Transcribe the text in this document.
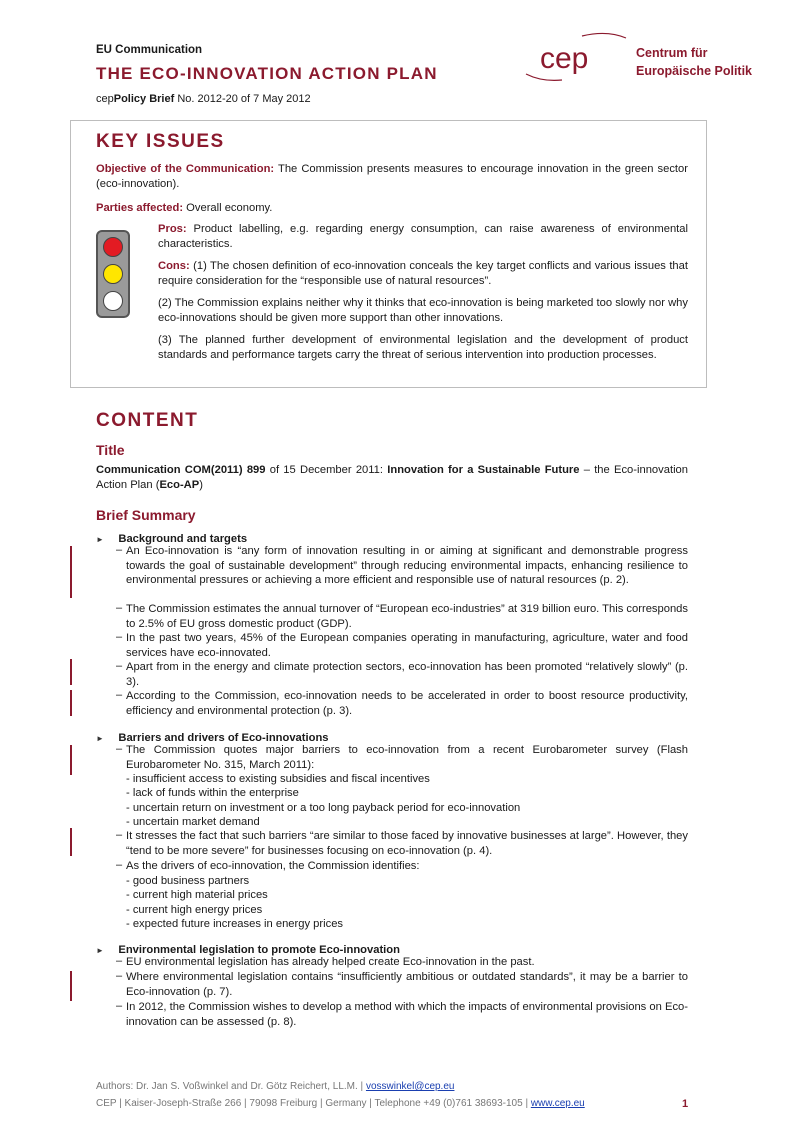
EU Communication
THE ECO-INNOVATION ACTION PLAN
cepPolicy Brief No. 2012-20 of 7 May 2012
cep	Centrum für
Europäische Politik
KEY ISSUES
Objective of the Communication: The Commission presents measures to encourage innovation in the green sector (eco-innovation).
Parties affected: Overall economy.
Pros: Product labelling, e.g. regarding energy consumption, can raise awareness of environmental characteristics.
Cons: (1) The chosen definition of eco-innovation conceals the key target conflicts and various issues that require consideration for the “responsible use of natural resources”.
(2) The Commission explains neither why it thinks that eco-innovation is being marketed too slowly nor why eco-innovations should be given more support than other innovations.
(3) The planned further development of environmental legislation and the development of product standards and performance targets carry the threat of serious intervention into production processes.
CONTENT
Title
Communication COM(2011) 899 of 15 December 2011: Innovation for a Sustainable Future – the Eco-innovation Action Plan (Eco-AP)
Brief Summary
► Background and targets
– An Eco-innovation is “any form of innovation resulting in or aiming at significant and demonstrable progress towards the goal of sustainable development” through reducing environmental impacts, enhancing resilience to environmental pressures or achieving a more efficient and responsible use of natural resources (p. 2).
– The Commission estimates the annual turnover of “European eco-industries” at 319 billion euro. This corresponds to 2.5% of EU gross domestic product (GDP).
– In the past two years, 45% of the European companies operating in manufacturing, agriculture, water and food services have eco-innovated.
– Apart from in the energy and climate protection sectors, eco-innovation has been promoted “relatively slowly” (p. 3).
– According to the Commission, eco-innovation needs to be accelerated in order to boost resource productivity, efficiency and environmental protection (p. 3).
► Barriers and drivers of Eco-innovations
– The Commission quotes major barriers to eco-innovation from a recent Eurobarometer survey (Flash Eurobarometer No. 315, March 2011):
- insufficient access to existing subsidies and fiscal incentives
- lack of funds within the enterprise
- uncertain return on investment or a too long payback period for eco-innovation
- uncertain market demand
– It stresses the fact that such barriers “are similar to those faced by innovative businesses at large”. However, they “tend to be more severe” for businesses focusing on eco-innovation (p. 4).
– As the drivers of eco-innovation, the Commission identifies:
- good business partners
- current high material prices
- current high energy prices
- expected future increases in energy prices
► Environmental legislation to promote Eco-innovation
– EU environmental legislation has already helped create Eco-innovation in the past.
– Where environmental legislation contains “insufficiently ambitious or outdated standards”, it may be a barrier to Eco-innovation (p. 7).
– In 2012, the Commission wishes to develop a method with which the impacts of environmental provisions on Eco-innovation can be assessed (p. 8).
Authors: Dr. Jan S. Voßwinkel and Dr. Götz Reichert, LL.M. | vosswinkel@cep.eu
CEP | Kaiser-Joseph-Straße 266 | 79098 Freiburg | Germany | Telephone +49 (0)761 38693-105 | www.cep.eu	1
